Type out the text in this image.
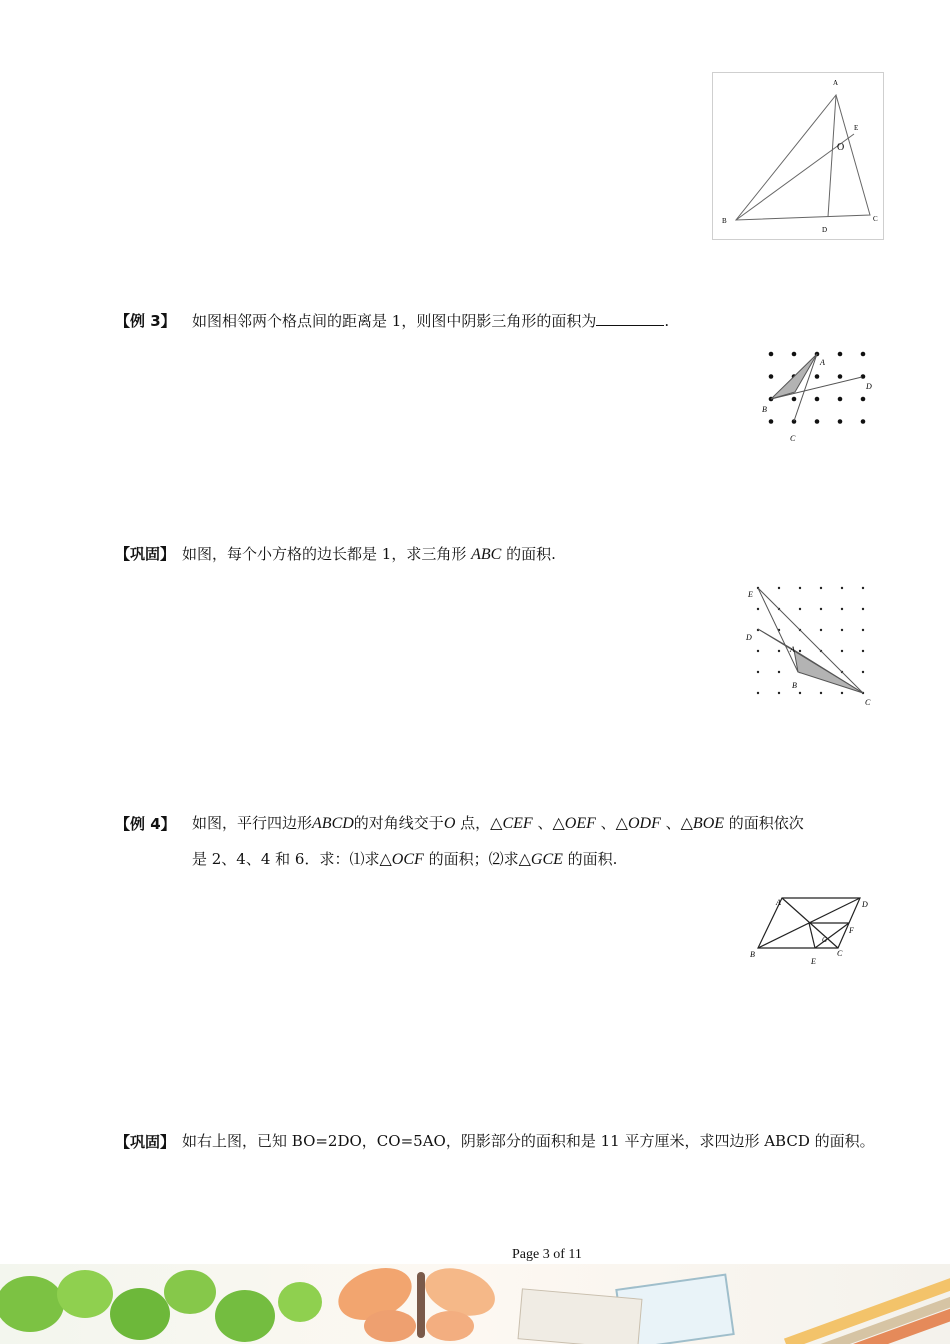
A
E
O
B
D
C
【例 3】 如图相邻两个格点间的距离是 1，则图中阴影三角形的面积为	.
A
D
B
C
【巩固】 如图，每个小方格的边长都是 1，求三角形 ABC 的面积.
E
D
A
B
C
【例 4】 如图，平行四边形ABCD的对角线交于O 点，△CEF 、△OEF 、△ODF 、△BOE 的面积依次
是 2、4、4 和 6．求：⑴求△OCF 的面积；⑵求△GCE 的面积.
A	D
G
F
B
E
C
【巩固】 如右上图，已知 BO=2DO，CO=5AO，阴影部分的面积和是 11 平方厘米，求四边形 ABCD 的面积。
Page 3 of 11
